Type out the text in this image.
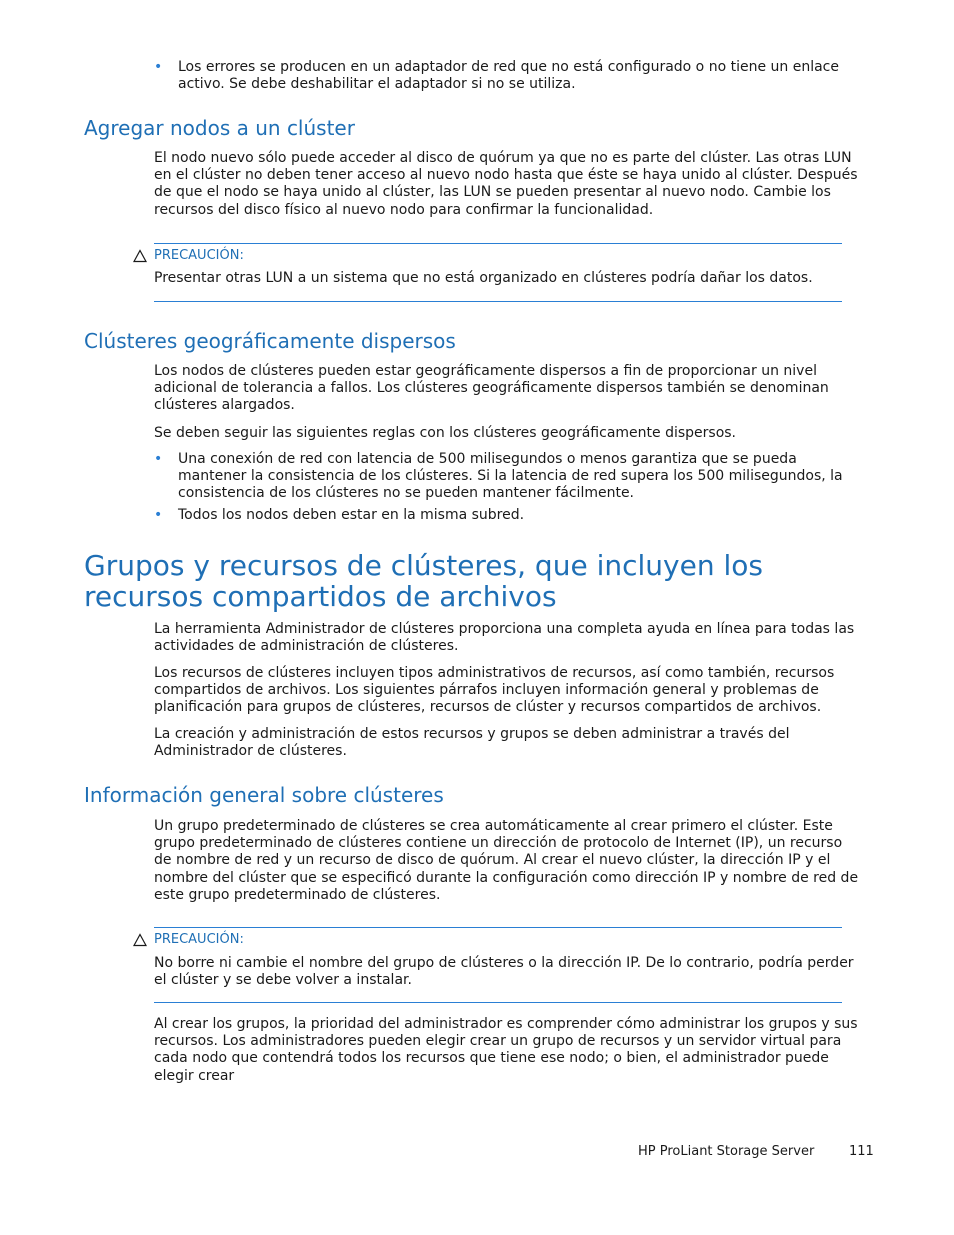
• Los errores se producen en un adaptador de red que no está configurado o no tiene un enlace activo. Se debe deshabilitar el adaptador si no se utiliza.

Agregar nodos a un clúster

El nodo nuevo sólo puede acceder al disco de quórum ya que no es parte del clúster. Las otras LUN en el clúster no deben tener acceso al nuevo nodo hasta que éste se haya unido al clúster. Después de que el nodo se haya unido al clúster, las LUN se pueden presentar al nuevo nodo. Cambie los recursos del disco físico al nuevo nodo para confirmar la funcionalidad.

PRECAUCIÓN:

Presentar otras LUN a un sistema que no está organizado en clústeres podría dañar los datos.

Clústeres geográficamente dispersos

Los nodos de clústeres pueden estar geográficamente dispersos a fin de proporcionar un nivel adicional de tolerancia a fallos. Los clústeres geográficamente dispersos también se denominan clústeres alargados.

Se deben seguir las siguientes reglas con los clústeres geográficamente dispersos.

• Una conexión de red con latencia de 500 milisegundos o menos garantiza que se pueda mantener la consistencia de los clústeres. Si la latencia de red supera los 500 milisegundos, la consistencia de los clústeres no se pueden mantener fácilmente.

• Todos los nodos deben estar en la misma subred.

Grupos y recursos de clústeres, que incluyen los recursos compartidos de archivos

La herramienta Administrador de clústeres proporciona una completa ayuda en línea para todas las actividades de administración de clústeres.

Los recursos de clústeres incluyen tipos administrativos de recursos, así como también, recursos compartidos de archivos. Los siguientes párrafos incluyen información general y problemas de planificación para grupos de clústeres, recursos de clúster y recursos compartidos de archivos.

La creación y administración de estos recursos y grupos se deben administrar a través del Administrador de clústeres.

Información general sobre clústeres

Un grupo predeterminado de clústeres se crea automáticamente al crear primero el clúster. Este grupo predeterminado de clústeres contiene un dirección de protocolo de Internet (IP), un recurso de nombre de red y un recurso de disco de quórum. Al crear el nuevo clúster, la dirección IP y el nombre del clúster que se especificó durante la configuración como dirección IP y nombre de red de este grupo predeterminado de clústeres.

PRECAUCIÓN:

No borre ni cambie el nombre del grupo de clústeres o la dirección IP. De lo contrario, podría perder el clúster y se debe volver a instalar.

Al crear los grupos, la prioridad del administrador es comprender cómo administrar los grupos y sus recursos. Los administradores pueden elegir crear un grupo de recursos y un servidor virtual para cada nodo que contendrá todos los recursos que tiene ese nodo; o bien, el administrador puede elegir crear

HP ProLiant Storage Server	111
